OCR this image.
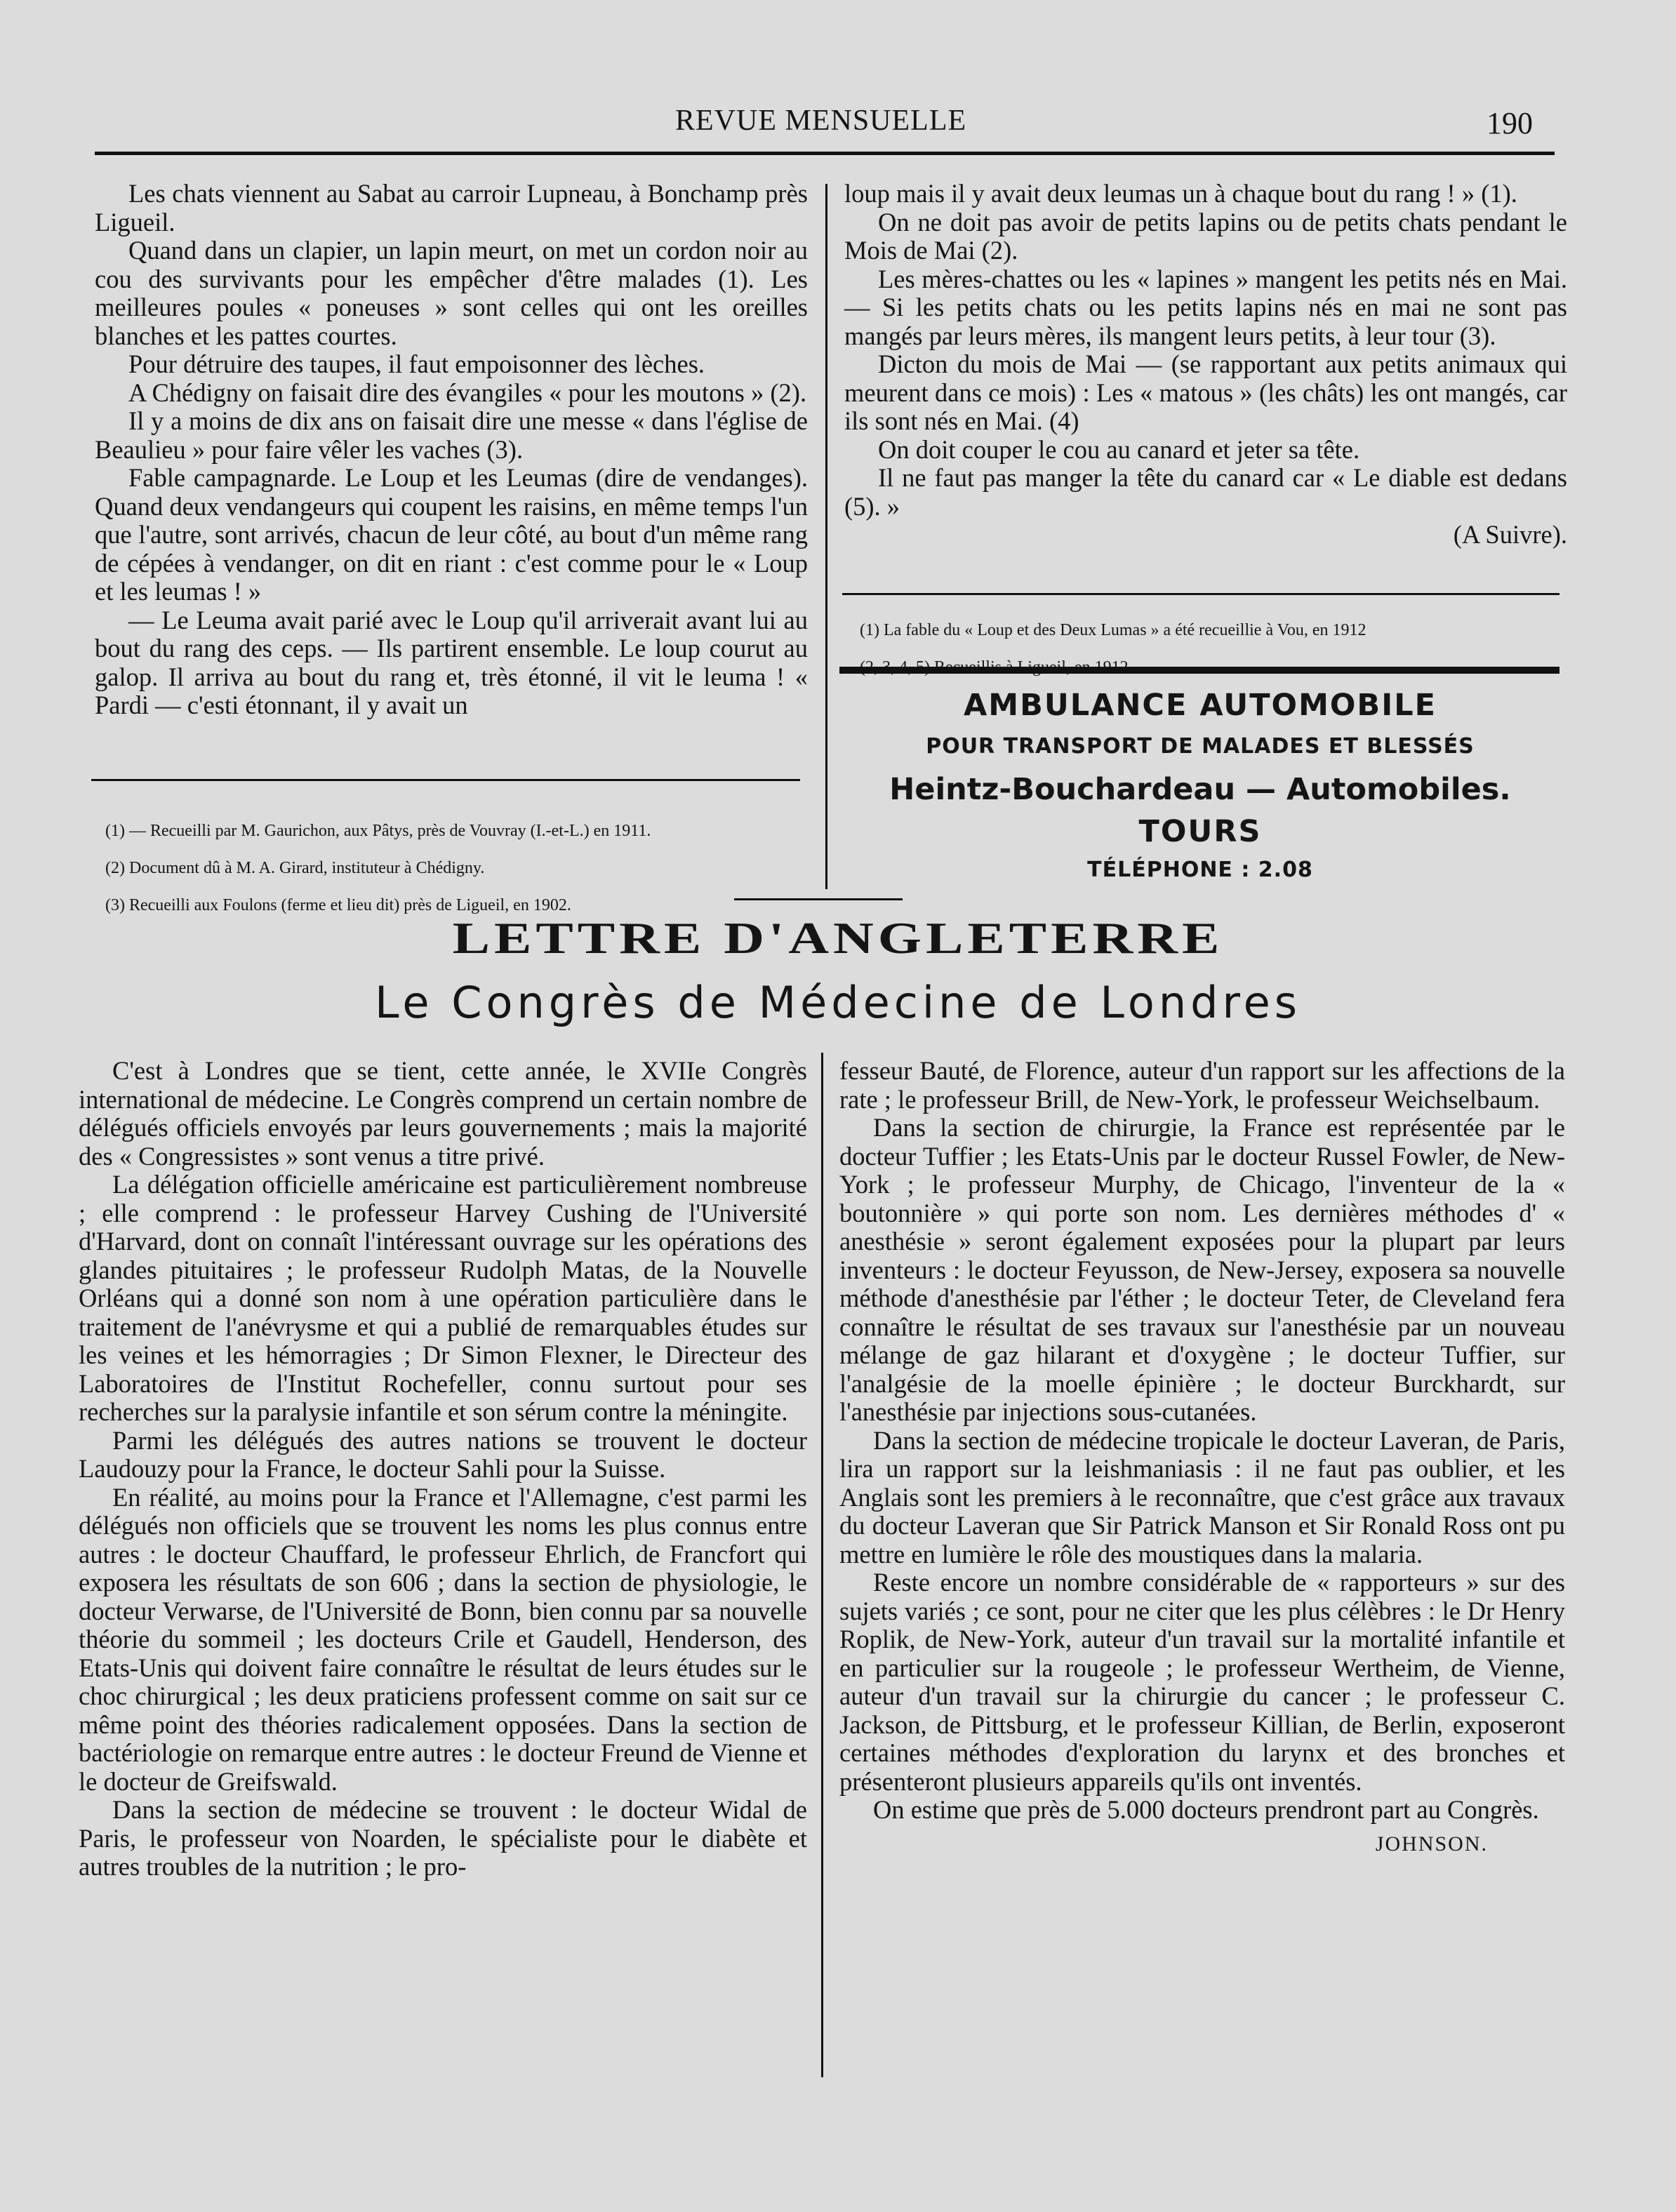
REVUE MENSUELLE	190

Les chats viennent au Sabat au carroir Lupneau, à Bonchamp près Ligueil.

Quand dans un clapier, un lapin meurt, on met un cordon noir au cou des survivants pour les empêcher d'être malades (1). Les meilleures poules « poneuses » sont celles qui ont les oreilles blanches et les pattes courtes.

Pour détruire des taupes, il faut empoisonner des lèches.

A Chédigny on faisait dire des évangiles « pour les moutons » (2).

Il y a moins de dix ans on faisait dire une messe « dans l'église de Beaulieu » pour faire vêler les vaches (3).

Fable campagnarde. Le Loup et les Leumas (dire de vendanges). Quand deux vendangeurs qui coupent les raisins, en même temps l'un que l'autre, sont arrivés, chacun de leur côté, au bout d'un même rang de cépées à vendanger, on dit en riant : c'est comme pour le « Loup et les leumas ! »

— Le Leuma avait parié avec le Loup qu'il arriverait avant lui au bout du rang des ceps. — Ils partirent ensemble. Le loup courut au galop. Il arriva au bout du rang et, très étonné, il vit le leuma ! « Pardi — c'esti étonnant, il y avait un

(1) — Recueilli par M. Gaurichon, aux Pâtys, près de Vouvray (I.-et-L.) en 1911.

(2) Document dû à M. A. Girard, instituteur à Chédigny.

(3) Recueilli aux Foulons (ferme et lieu dit) près de Ligueil, en 1902.

loup mais il y avait deux leumas un à chaque bout du rang ! » (1).

On ne doit pas avoir de petits lapins ou de petits chats pendant le Mois de Mai (2).

Les mères-chattes ou les « lapines » mangent les petits nés en Mai. — Si les petits chats ou les petits lapins nés en mai ne sont pas mangés par leurs mères, ils mangent leurs petits, à leur tour (3).

Dicton du mois de Mai — (se rapportant aux petits animaux qui meurent dans ce mois) : Les « matous » (les châts) les ont mangés, car ils sont nés en Mai. (4)

On doit couper le cou au canard et jeter sa tête.

Il ne faut pas manger la tête du canard car « Le diable est dedans (5). »

(A Suivre).

(1) La fable du « Loup et des Deux Lumas » a été recueillie à Vou, en 1912

AMBULANCE AUTOMOBILE
POUR TRANSPORT DE MALADES ET BLESSÉS
Heintz-Bouchardeau — Automobiles.
TOURS
TÉLÉPHONE : 2.08
LETTRE D'ANGLETERRE
Le Congrès de Médecine de Londres

C'est à Londres que se tient, cette année, le XVIIe Congrès international de médecine. Le Congrès comprend un certain nombre de délégués officiels envoyés par leurs gouvernements ; mais la majorité des « Congressistes » sont venus a titre privé.

La délégation officielle américaine est particulièrement nombreuse ; elle comprend : le professeur Harvey Cushing de l'Université d'Harvard, dont on connaît l'intéressant ouvrage sur les opérations des glandes pituitaires ; le professeur Rudolph Matas, de la Nouvelle Orléans qui a donné son nom à une opération particulière dans le traitement de l'anévrysme et qui a publié de remarquables études sur les veines et les hémorragies ; Dr Simon Flexner, le Directeur des Laboratoires de l'Institut Rochefeller, connu surtout pour ses recherches sur la paralysie infantile et son sérum contre la méningite.

Parmi les délégués des autres nations se trouvent le docteur Laudouzy pour la France, le docteur Sahli pour la Suisse.

En réalité, au moins pour la France et l'Allemagne, c'est parmi les délégués non officiels que se trouvent les noms les plus connus entre autres : le docteur Chauffard, le professeur Ehrlich, de Francfort qui exposera les résultats de son 606 ; dans la section de physiologie, le docteur Verwarse, de l'Université de Bonn, bien connu par sa nouvelle théorie du sommeil ; les docteurs Crile et Gaudell, Henderson, des Etats-Unis qui doivent faire connaître le résultat de leurs études sur le choc chirurgical ; les deux praticiens professent comme on sait sur ce même point des théories radicalement opposées. Dans la section de bactériologie on remarque entre autres : le docteur Freund de Vienne et le docteur de Greifswald.

Dans la section de médecine se trouvent : le docteur Widal de Paris, le professeur von Noarden, le spécialiste pour le diabète et autres troubles de la nutrition ; le pro-

fesseur Bauté, de Florence, auteur d'un rapport sur les affections de la rate ; le professeur Brill, de New-York, le professeur Weichselbaum.

Dans la section de chirurgie, la France est représentée par le docteur Tuffier ; les Etats-Unis par le docteur Russel Fowler, de New-York ; le professeur Murphy, de Chicago, l'inventeur de la « boutonnière » qui porte son nom. Les dernières méthodes d' « anesthésie » seront également exposées pour la plupart par leurs inventeurs : le docteur Feyusson, de New-Jersey, exposera sa nouvelle méthode d'anesthésie par l'éther ; le docteur Teter, de Cleveland fera connaître le résultat de ses travaux sur l'anesthésie par un nouveau mélange de gaz hilarant et d'oxygène ; le docteur Tuffier, sur l'analgésie de la moelle épinière ; le docteur Burckhardt, sur l'anesthésie par injections sous-cutanées.

Dans la section de médecine tropicale le docteur Laveran, de Paris, lira un rapport sur la leishmaniasis : il ne faut pas oublier, et les Anglais sont les premiers à le reconnaître, que c'est grâce aux travaux du docteur Laveran que Sir Patrick Manson et Sir Ronald Ross ont pu mettre en lumière le rôle des moustiques dans la malaria.

Reste encore un nombre considérable de « rapporteurs » sur des sujets variés ; ce sont, pour ne citer que les plus célèbres : le Dr Henry Roplik, de New-York, auteur d'un travail sur la mortalité infantile et en particulier sur la rougeole ; le professeur Wertheim, de Vienne, auteur d'un travail sur la chirurgie du cancer ; le professeur C. Jackson, de Pittsburg, et le professeur Killian, de Berlin, exposeront certaines méthodes d'exploration du larynx et des bronches et présenteront plusieurs appareils qu'ils ont inventés.

On estime que près de 5.000 docteurs prendront part au Congrès.

JOHNSON.
